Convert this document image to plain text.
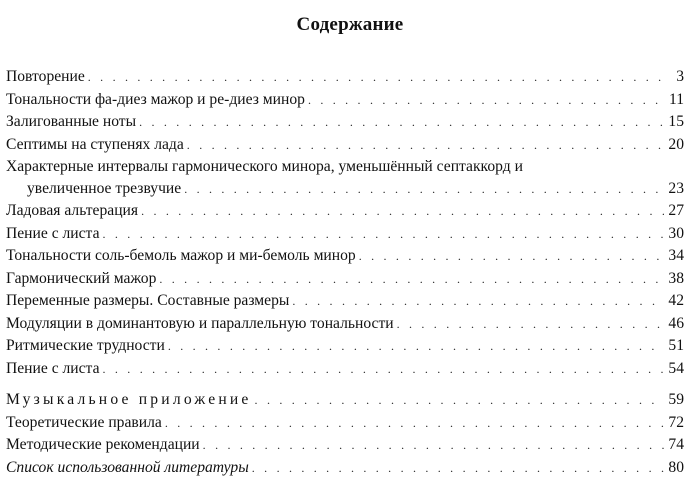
Содержание
Повторение . . .	3
Тональности фа-диез мажор и ре-диез минор . . .	11
Залигованные ноты . . .	15
Септимы на ступенях лада . . .	20
Характерные интервалы гармонического минора, уменьшённый септаккорд и
увеличенное трезвучие . . .	23
Ладовая альтерация . . .	27
Пение с листа . . .	30
Тональности соль-бемоль мажор и ми-бемоль минор . . .	34
Гармонический мажор . . .	38
Переменные размеры. Составные размеры . . .	42
Модуляции в доминантовую и параллельную тональности . . .	46
Ритмические трудности . . .	51
Пение с листа . . .	54
Музыкальное приложение . . .	59
Теоретические правила . . .	72
Методические рекомендации . . .	74
Список использованной литературы . . .	80
